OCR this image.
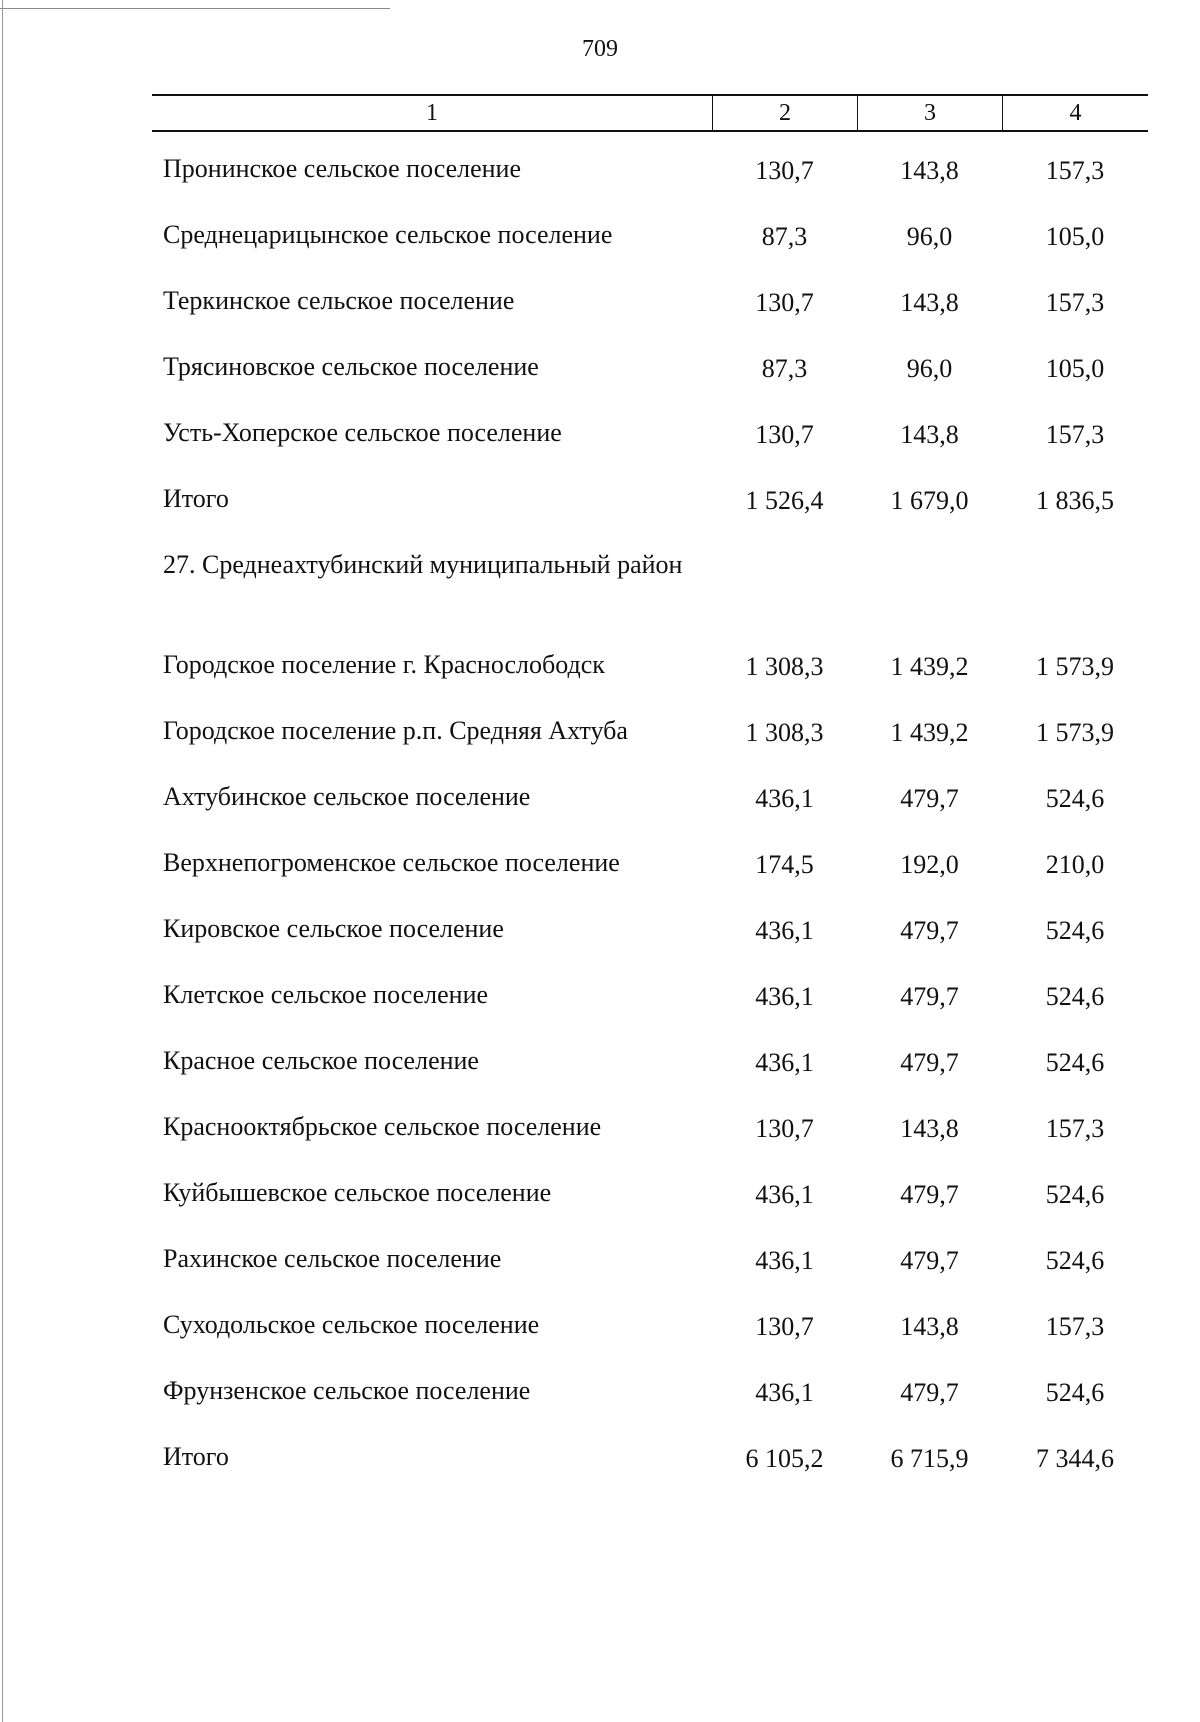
709
1	2	3	4
Пронинское сельское поселение	130,7	143,8	157,3
Среднецарицынское сельское поселение	87,3	96,0	105,0
Теркинское сельское поселение	130,7	143,8	157,3
Трясиновское сельское поселение	87,3	96,0	105,0
Усть-Хоперское сельское поселение	130,7	143,8	157,3
Итого	1 526,4	1 679,0	1 836,5
27. Среднеахтубинский муниципальный район
Городское поселение г. Краснослободск	1 308,3	1 439,2	1 573,9
Городское поселение р.п. Средняя Ахтуба	1 308,3	1 439,2	1 573,9
Ахтубинское сельское поселение	436,1	479,7	524,6
Верхнепогроменское сельское поселение	174,5	192,0	210,0
Кировское сельское поселение	436,1	479,7	524,6
Клетское сельское поселение	436,1	479,7	524,6
Красное сельское поселение	436,1	479,7	524,6
Краснооктябрьское сельское поселение	130,7	143,8	157,3
Куйбышевское сельское поселение	436,1	479,7	524,6
Рахинское сельское поселение	436,1	479,7	524,6
Суходольское сельское поселение	130,7	143,8	157,3
Фрунзенское сельское поселение	436,1	479,7	524,6
Итого	6 105,2	6 715,9	7 344,6
